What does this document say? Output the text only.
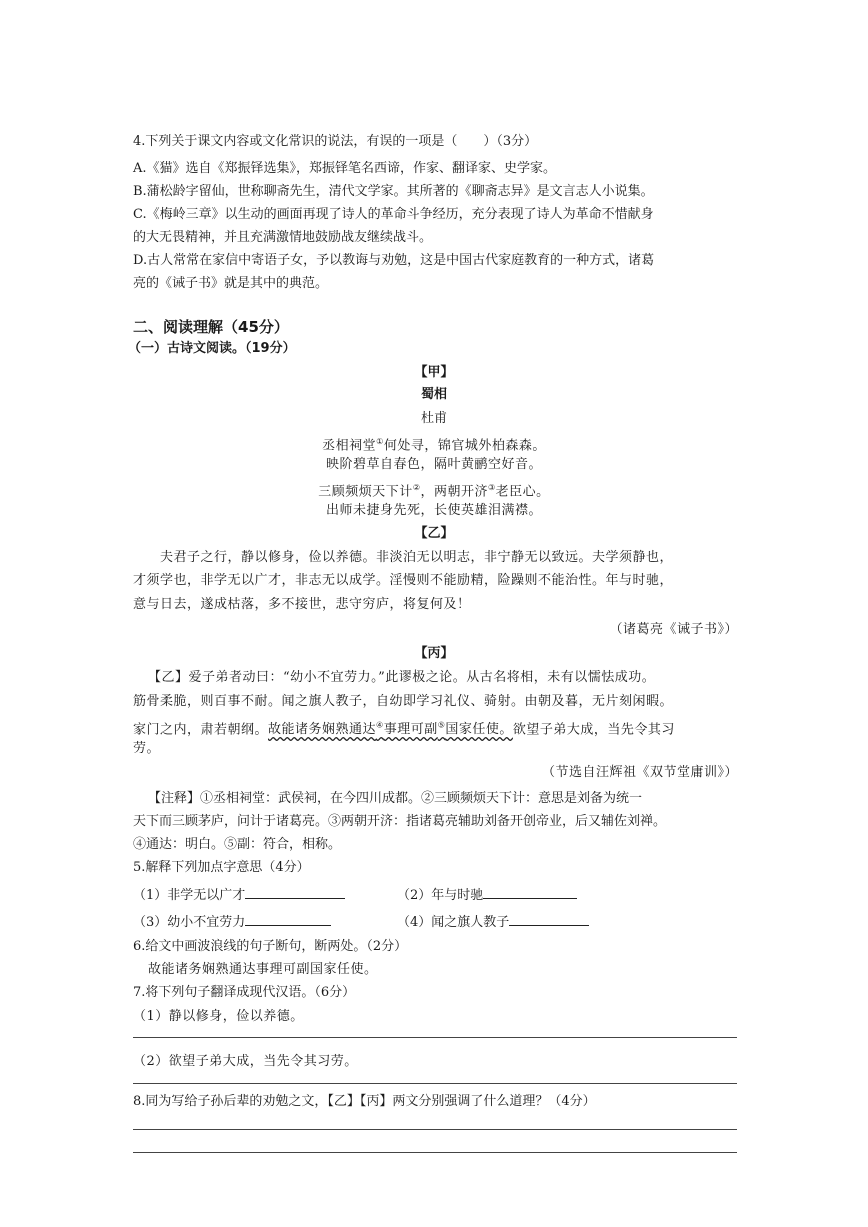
4.下列关于课文内容或文化常识的说法，有误的一项是（　　）（3分）
A.《猫》选自《郑振铎选集》，郑振铎笔名西谛，作家、翻译家、史学家。
B.蒲松龄字留仙，世称聊斋先生，清代文学家。其所著的《聊斋志异》是文言志人小说集。
C.《梅岭三章》以生动的画面再现了诗人的革命斗争经历，充分表现了诗人为革命不惜献身
的大无畏精神，并且充满激情地鼓励战友继续战斗。
D.古人常常在家信中寄语子女，予以教诲与劝勉，这是中国古代家庭教育的一种方式，诸葛
亮的《诫子书》就是其中的典范。
二、阅读理解（45分）
（一）古诗文阅读。（19分）
【甲】
蜀相
杜甫
丞相祠堂①何处寻，锦官城外柏森森。
映阶碧草自春色，隔叶黄鹂空好音。
三顾频烦天下计②，两朝开济③老臣心。
出师未捷身先死，长使英雄泪满襟。
【乙】
夫君子之行，静以修身，俭以养德。非淡泊无以明志，非宁静无以致远。夫学须静也，
才须学也，非学无以广才，非志无以成学。淫慢则不能励精，险躁则不能治性。年与时驰，
意与日去，遂成枯落，多不接世，悲守穷庐，将复何及！
（诸葛亮《诫子书》）
【丙】
【乙】爱子弟者动曰：“幼小不宜劳力。”此谬极之论。从古名将相，未有以懦怯成功。
筋骨柔脆，则百事不耐。闻之旗人教子，自幼即学习礼仪、骑射。由朝及暮，无片刻闲暇。
家门之内，肃若朝纲。故能诸务娴熟通达④事理可副⑤国家任使。欲望子弟大成，当先令其习
劳。
（节选自汪辉祖《双节堂庸训》）
【注释】①丞相祠堂：武侯祠，在今四川成都。②三顾频烦天下计：意思是刘备为统一
天下而三顾茅庐，问计于诸葛亮。③两朝开济：指诸葛亮辅助刘备开创帝业，后又辅佐刘禅。
④通达：明白。⑤副：符合，相称。
5.解释下列加点字意思（4分）
（1）非学无以广才	（2）年与时驰
（3）幼小不宜劳力	（4）闻之旗人教子
6.给文中画波浪线的句子断句，断两处。（2分）
故能诸务娴熟通达事理可副国家任使。
7.将下列句子翻译成现代汉语。（6分）
（1）静以修身，俭以养德。
（2）欲望子弟大成，当先令其习劳。
8.同为写给子孙后辈的劝勉之文，【乙】【丙】两文分别强调了什么道理？（4分）
